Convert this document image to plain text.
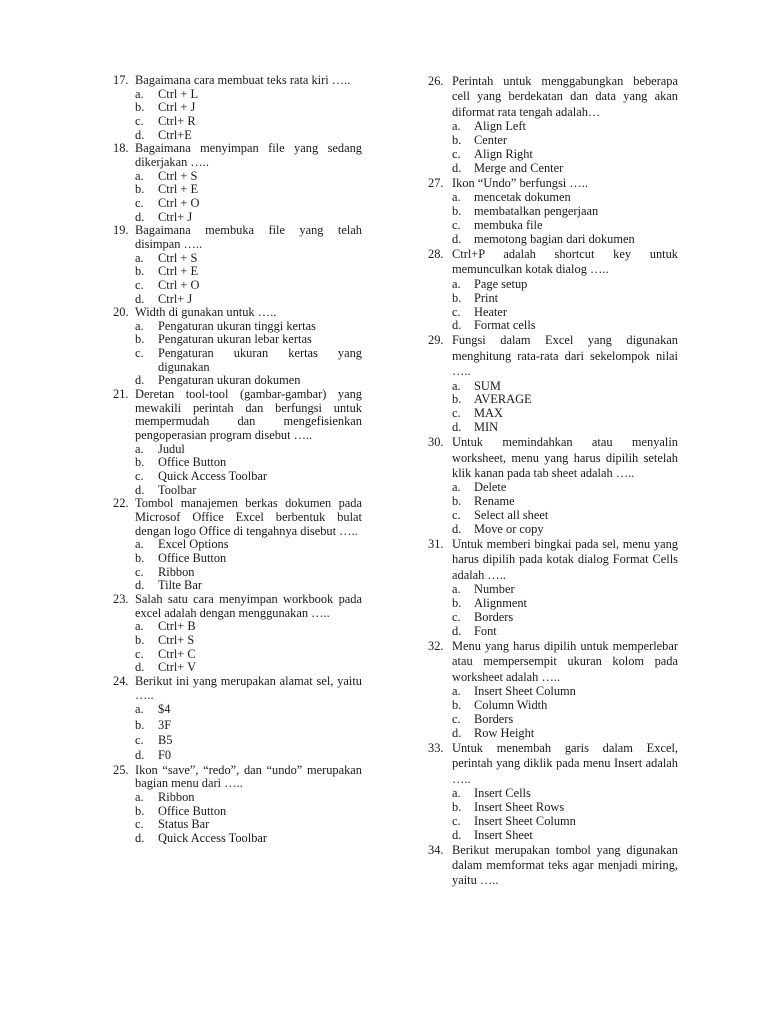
17. Bagaimana cara membuat teks rata kiri …..
a. Ctrl + L
b. Ctrl + J
c. Ctrl+ R
d. Ctrl+E
18. Bagaimana menyimpan file yang sedang dikerjakan …..
a. Ctrl + S
b. Ctrl + E
c. Ctrl + O
d. Ctrl+ J
19. Bagaimana membuka file yang telah disimpan …..
a. Ctrl + S
b. Ctrl + E
c. Ctrl + O
d. Ctrl+ J
20. Width di gunakan untuk …..
a. Pengaturan ukuran tinggi kertas
b. Pengaturan ukuran lebar kertas
c. Pengaturan ukuran kertas yang digunakan
d. Pengaturan ukuran dokumen
21. Deretan tool-tool (gambar-gambar) yang mewakili perintah dan berfungsi untuk mempermudah dan mengefisienkan pengoperasian program disebut …..
a. Judul
b. Office Button
c. Quick Access Toolbar
d. Toolbar
22. Tombol manajemen berkas dokumen pada Microsof Office Excel berbentuk bulat dengan logo Office di tengahnya disebut …..
a. Excel Options
b. Office Button
c. Ribbon
d. Tilte Bar
23. Salah satu cara menyimpan workbook pada excel adalah dengan menggunakan …..
a. Ctrl+ B
b. Ctrl+ S
c. Ctrl+ C
d. Ctrl+ V
24. Berikut ini yang merupakan alamat sel, yaitu …..
a. $4
b. 3F
c. B5
d. F0
25. Ikon “save”, “redo”, dan “undo” merupakan bagian menu dari …..
a. Ribbon
b. Office Button
c. Status Bar
d. Quick Access Toolbar
26. Perintah untuk menggabungkan beberapa cell yang berdekatan dan data yang akan diformat rata tengah adalah…
a. Align Left
b. Center
c. Align Right
d. Merge and Center
27. Ikon “Undo” berfungsi …..
a. mencetak dokumen
b. membatalkan pengerjaan
c. membuka file
d. memotong bagian dari dokumen
28. Ctrl+P adalah shortcut key untuk memunculkan kotak dialog …..
a. Page setup
b. Print
c. Heater
d. Format cells
29. Fungsi dalam Excel yang digunakan menghitung rata-rata dari sekelompok nilai …..
a. SUM
b. AVERAGE
c. MAX
d. MIN
30. Untuk memindahkan atau menyalin worksheet, menu yang harus dipilih setelah klik kanan pada tab sheet adalah …..
a. Delete
b. Rename
c. Select all sheet
d. Move or copy
31. Untuk memberi bingkai pada sel, menu yang harus dipilih pada kotak dialog Format Cells adalah …..
a. Number
b. Alignment
c. Borders
d. Font
32. Menu yang harus dipilih untuk memperlebar atau mempersempit ukuran kolom pada worksheet adalah …..
a. Insert Sheet Column
b. Column Width
c. Borders
d. Row Height
33. Untuk menembah garis dalam Excel, perintah yang diklik pada menu Insert adalah …..
a. Insert Cells
b. Insert Sheet Rows
c. Insert Sheet Column
d. Insert Sheet
34. Berikut merupakan tombol yang digunakan dalam memformat teks agar menjadi miring, yaitu …..
